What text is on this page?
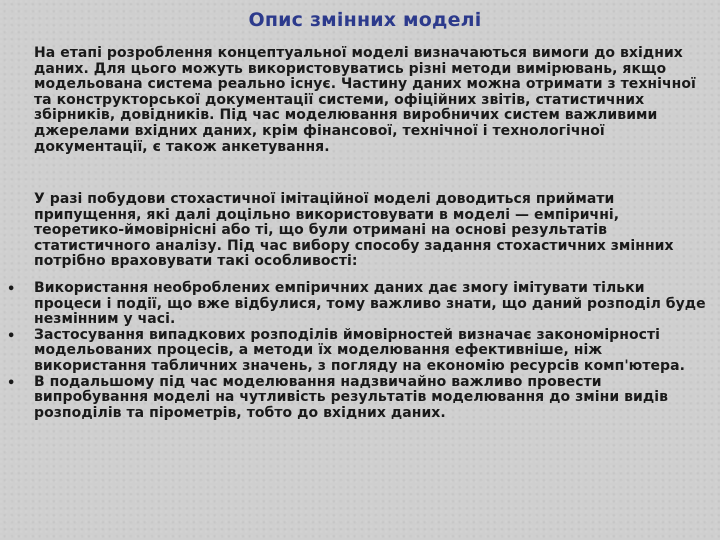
Опис змінних моделі
На етапі розроблення концептуальної моделі визначаються вимоги до вхідних даних. Для цього можуть використовуватись різні методи вимірювань, якщо модельована система реально існує. Частину даних можна отримати з технічної та конструкторської документації системи, офіційних звітів, статистичних збірників, довідників. Під час моделювання виробничих систем важливими джерелами вхідних даних, крім фінансової, технічної і технологічної документації, є також анкетування.
У разі побудови стохастичної імітаційної моделі доводиться приймати припущення, які далі доцільно використовувати в моделі — емпіричні, теоретико-ймовірнісні або ті, що були отримані на основі результатів статистичного аналізу. Під час вибору способу задання стохастичних змінних потрібно враховувати такі особливості:
• Використання необроблених емпіричних даних дає змогу імітувати тільки процеси і події, що вже відбулися, тому важливо знати, що даний розподіл буде незмінним у часі.
• Застосування випадкових розподілів ймовірностей визначає закономірності модельованих процесів, а методи їх моделювання ефективніше, ніж використання табличних значень, з погляду на економію ресурсів комп'ютера.
• В подальшому під час моделювання надзвичайно важливо провести випробування моделі на чутливість результатів моделювання до зміни видів розподілів та пірометрів, тобто до вхідних даних.
